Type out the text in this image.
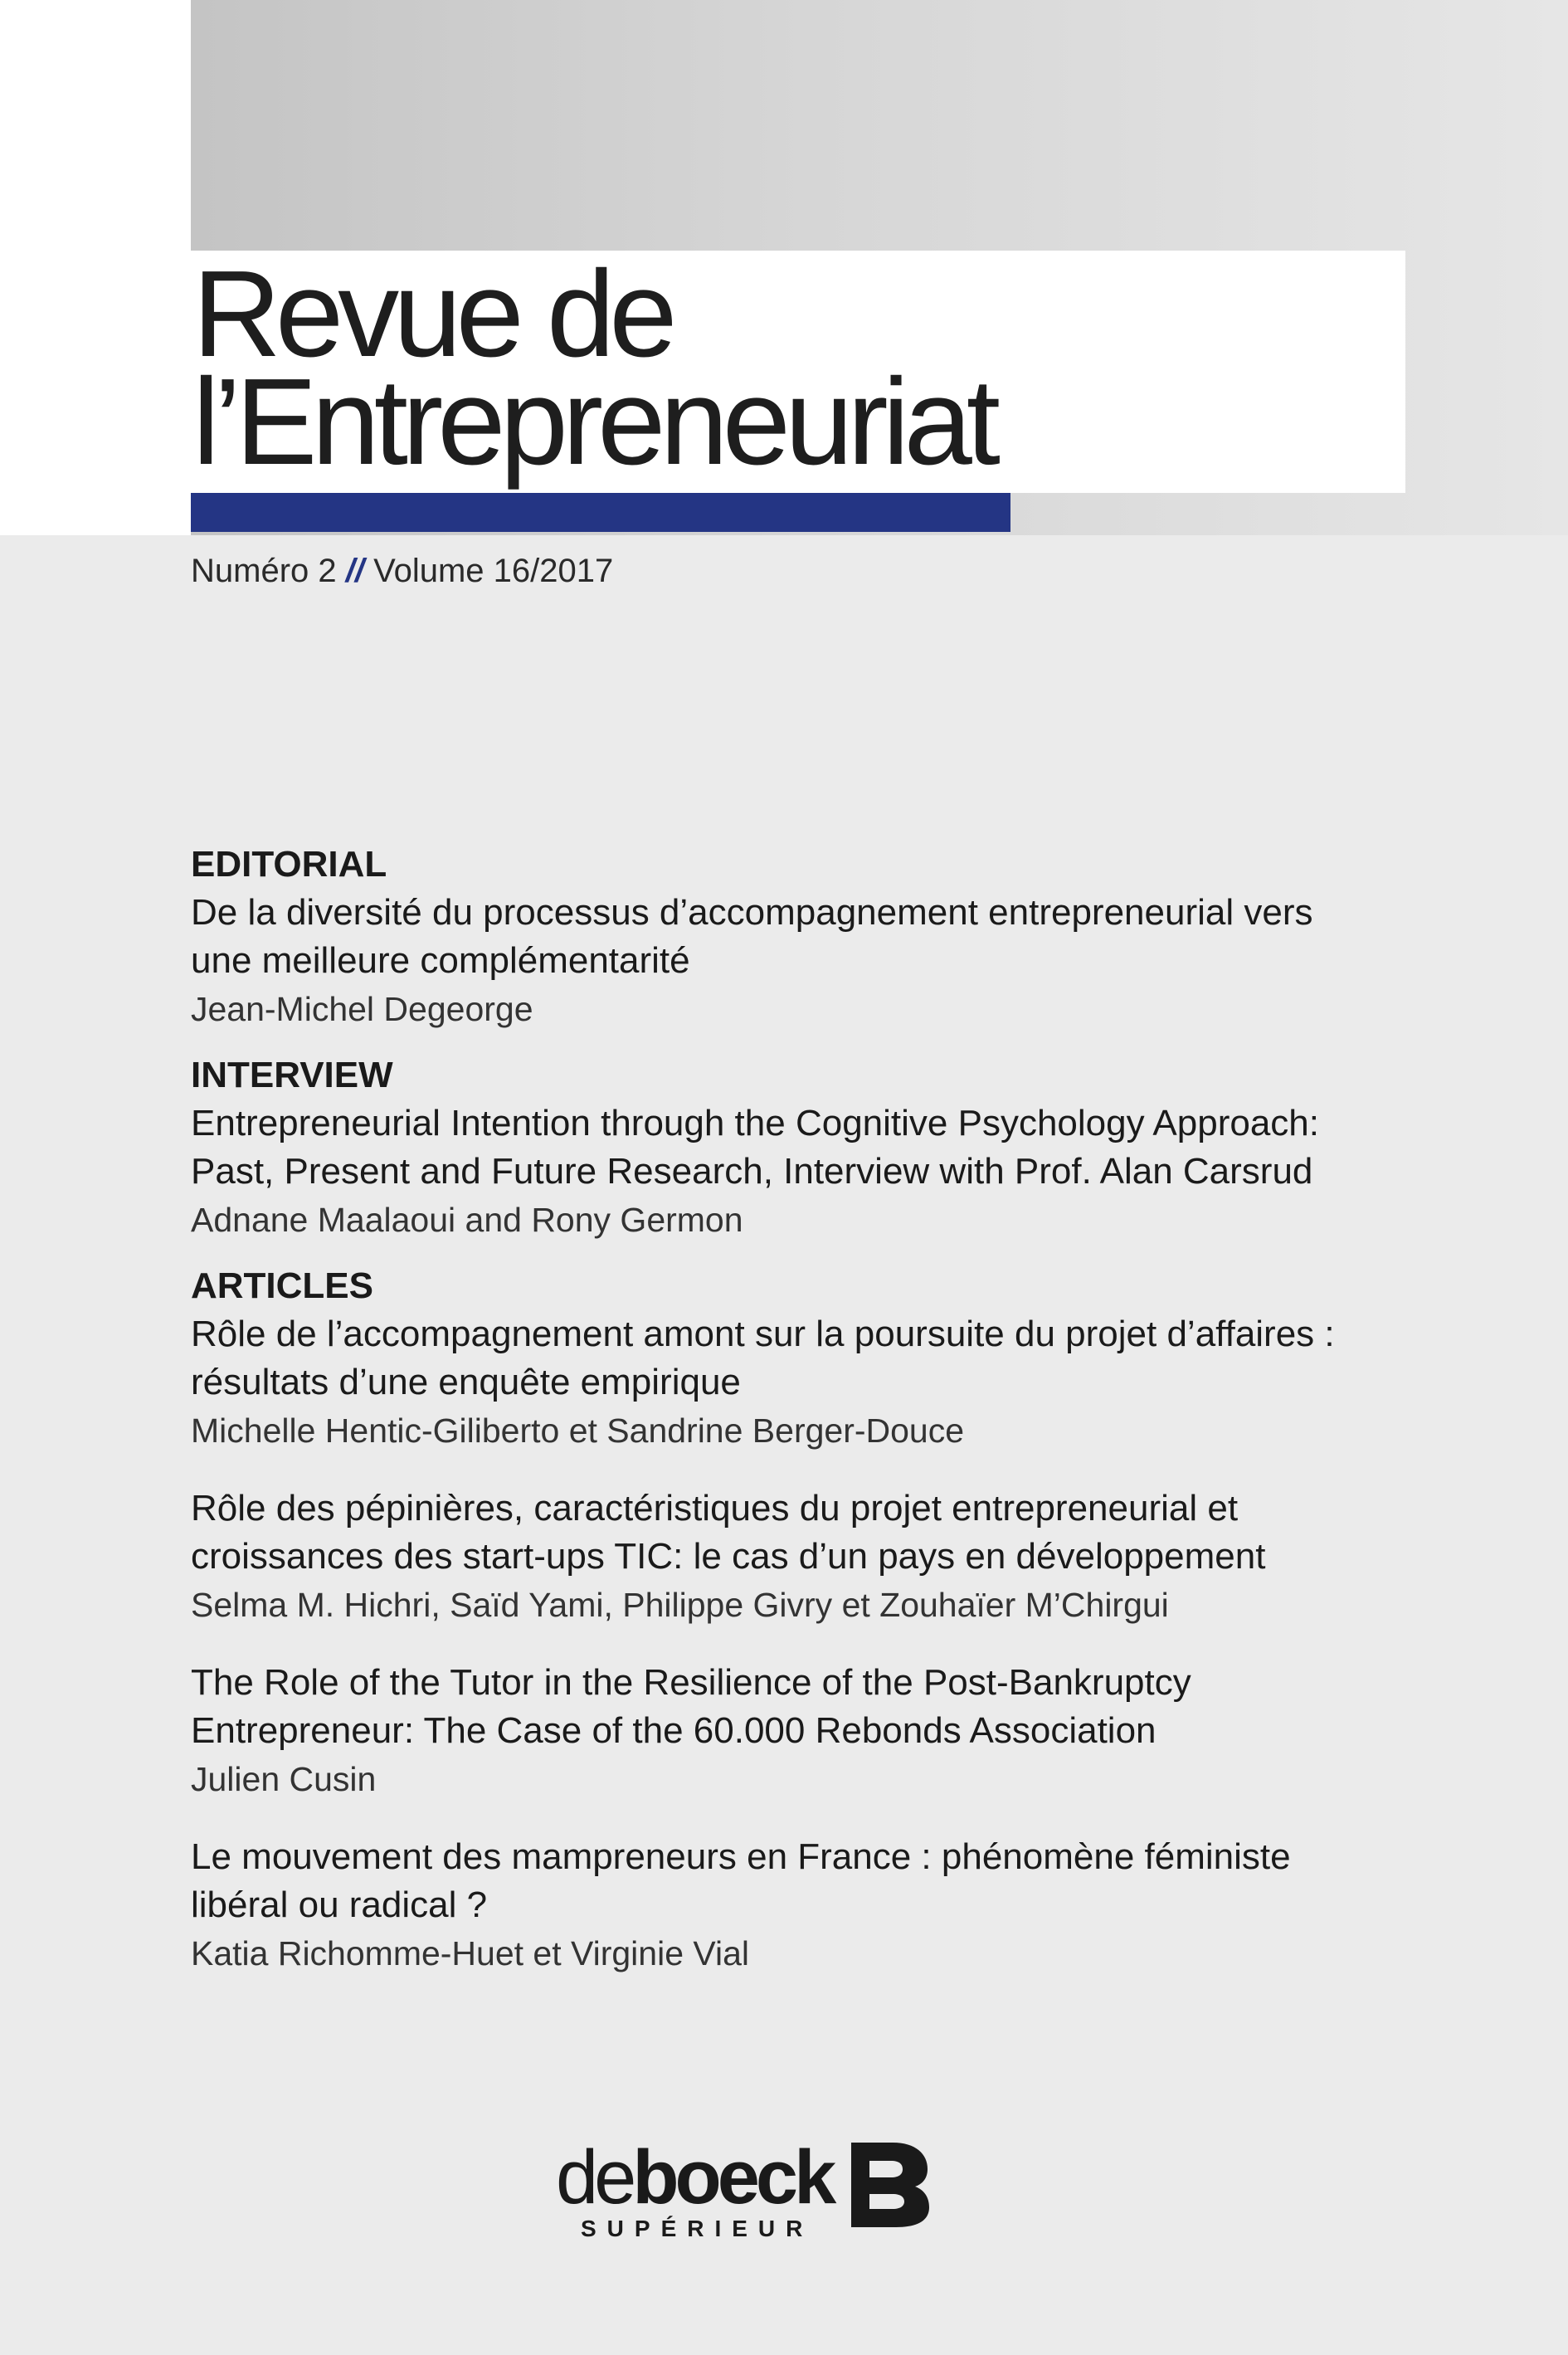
Revue de
l’Entrepreneuriat

Numéro 2 // Volume 16/2017

EDITORIAL

De la diversité du processus d’accompagnement entrepreneurial vers

une meilleure complémentarité

Jean-Michel Degeorge

INTERVIEW

Entrepreneurial Intention through the Cognitive Psychology Approach:

Past, Present and Future Research, Interview with Prof. Alan Carsrud

Adnane Maalaoui and Rony Germon

ARTICLES

Rôle de l’accompagnement amont sur la poursuite du projet d’affaires :

résultats d’une enquête empirique

Michelle Hentic-Giliberto et Sandrine Berger-Douce

Rôle des pépinières, caractéristiques du projet entrepreneurial et

croissances des start-ups TIC: le cas d’un pays en développement

Selma M. Hichri, Saïd Yami, Philippe Givry et Zouhaïer M’Chirgui

The Role of the Tutor in the Resilience of the Post-Bankruptcy

Entrepreneur: The Case of the 60.000 Rebonds Association

Julien Cusin

Le mouvement des mampreneurs en France : phénomène féministe

libéral ou radical ?

Katia Richomme-Huet et Virginie Vial

deboeck
SUPÉRIEUR
